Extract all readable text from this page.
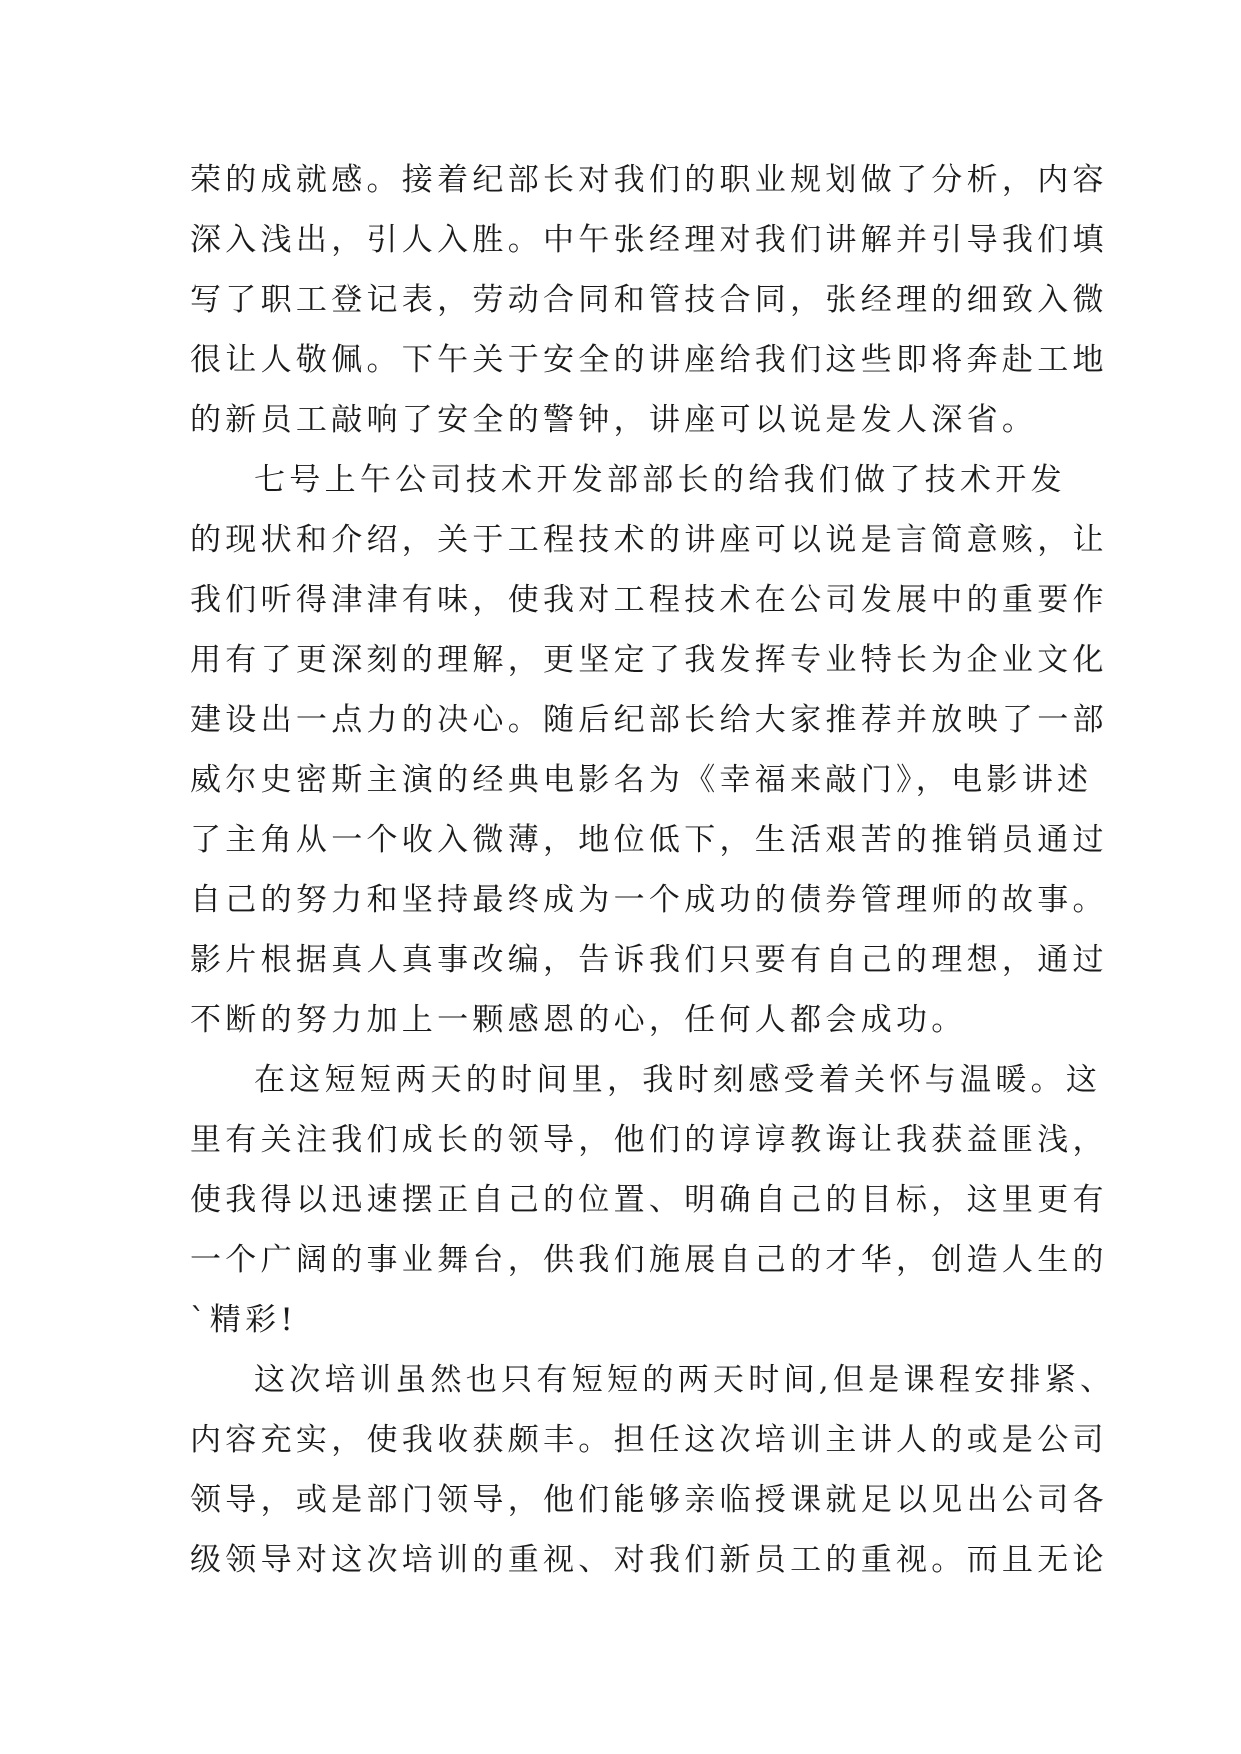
荣的成就感。接着纪部长对我们的职业规划做了分析，内容
深入浅出，引人入胜。中午张经理对我们讲解并引导我们填
写了职工登记表，劳动合同和管技合同，张经理的细致入微
很让人敬佩。下午关于安全的讲座给我们这些即将奔赴工地
的新员工敲响了安全的警钟，讲座可以说是发人深省。

七号上午公司技术开发部部长的给我们做了技术开发
的现状和介绍，关于工程技术的讲座可以说是言简意赅，让
我们听得津津有味，使我对工程技术在公司发展中的重要作
用有了更深刻的理解，更坚定了我发挥专业特长为企业文化
建设出一点力的决心。随后纪部长给大家推荐并放映了一部
威尔史密斯主演的经典电影名为《幸福来敲门》，电影讲述
了主角从一个收入微薄，地位低下，生活艰苦的推销员通过
自己的努力和坚持最终成为一个成功的债券管理师的故事。
影片根据真人真事改编，告诉我们只要有自己的理想，通过
不断的努力加上一颗感恩的心，任何人都会成功。

在这短短两天的时间里，我时刻感受着关怀与温暖。这
里有关注我们成长的领导，他们的谆谆教诲让我获益匪浅，
使我得以迅速摆正自己的位置、明确自己的目标，这里更有
一个广阔的事业舞台，供我们施展自己的才华，创造人生的
`精彩!

这次培训虽然也只有短短的两天时间,但是课程安排紧、
内容充实，使我收获颇丰。担任这次培训主讲人的或是公司
领导，或是部门领导，他们能够亲临授课就足以见出公司各
级领导对这次培训的重视、对我们新员工的重视。而且无论
